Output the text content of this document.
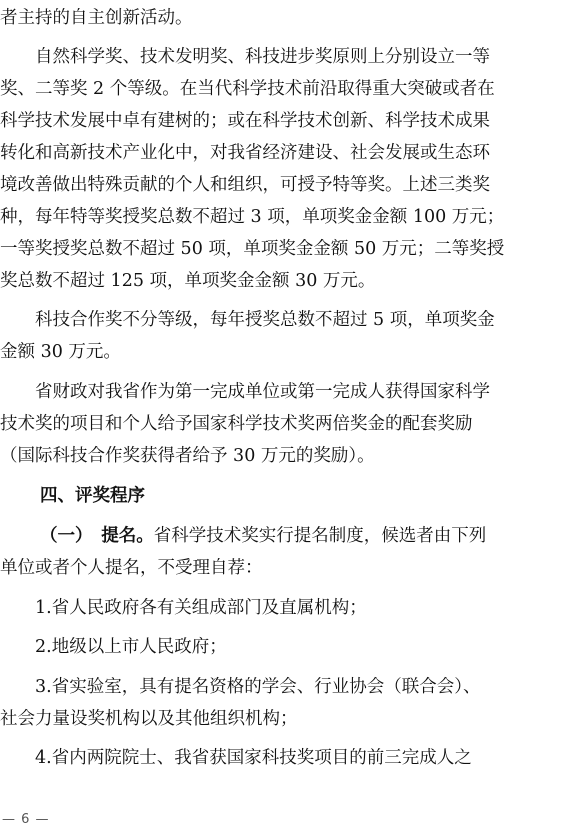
者主持的自主创新活动。
　　自然科学奖、技术发明奖、科技进步奖原则上分别设立一等
奖、二等奖 2 个等级。在当代科学技术前沿取得重大突破或者在
科学技术发展中卓有建树的；或在科学技术创新、科学技术成果
转化和高新技术产业化中，对我省经济建设、社会发展或生态环
境改善做出特殊贡献的个人和组织，可授予特等奖。上述三类奖
种，每年特等奖授奖总数不超过 3 项，单项奖金金额 100 万元；
一等奖授奖总数不超过 50 项，单项奖金金额 50 万元；二等奖授
奖总数不超过 125 项，单项奖金金额 30 万元。
　　科技合作奖不分等级，每年授奖总数不超过 5 项，单项奖金
金额 30 万元。
　　省财政对我省作为第一完成单位或第一完成人获得国家科学
技术奖的项目和个人给予国家科学技术奖两倍奖金的配套奖励
（国际科技合作奖获得者给予 30 万元的奖励）。
四、评奖程序
（一）　提名。省科学技术奖实行提名制度，候选者由下列
单位或者个人提名，不受理自荐：
　　1.省人民政府各有关组成部门及直属机构；
　　2.地级以上市人民政府；
　　3.省实验室，具有提名资格的学会、行业协会（联合会）、
社会力量设奖机构以及其他组织机构；
　　4.省内两院院士、我省获国家科技奖项目的前三完成人之
— 6 —
